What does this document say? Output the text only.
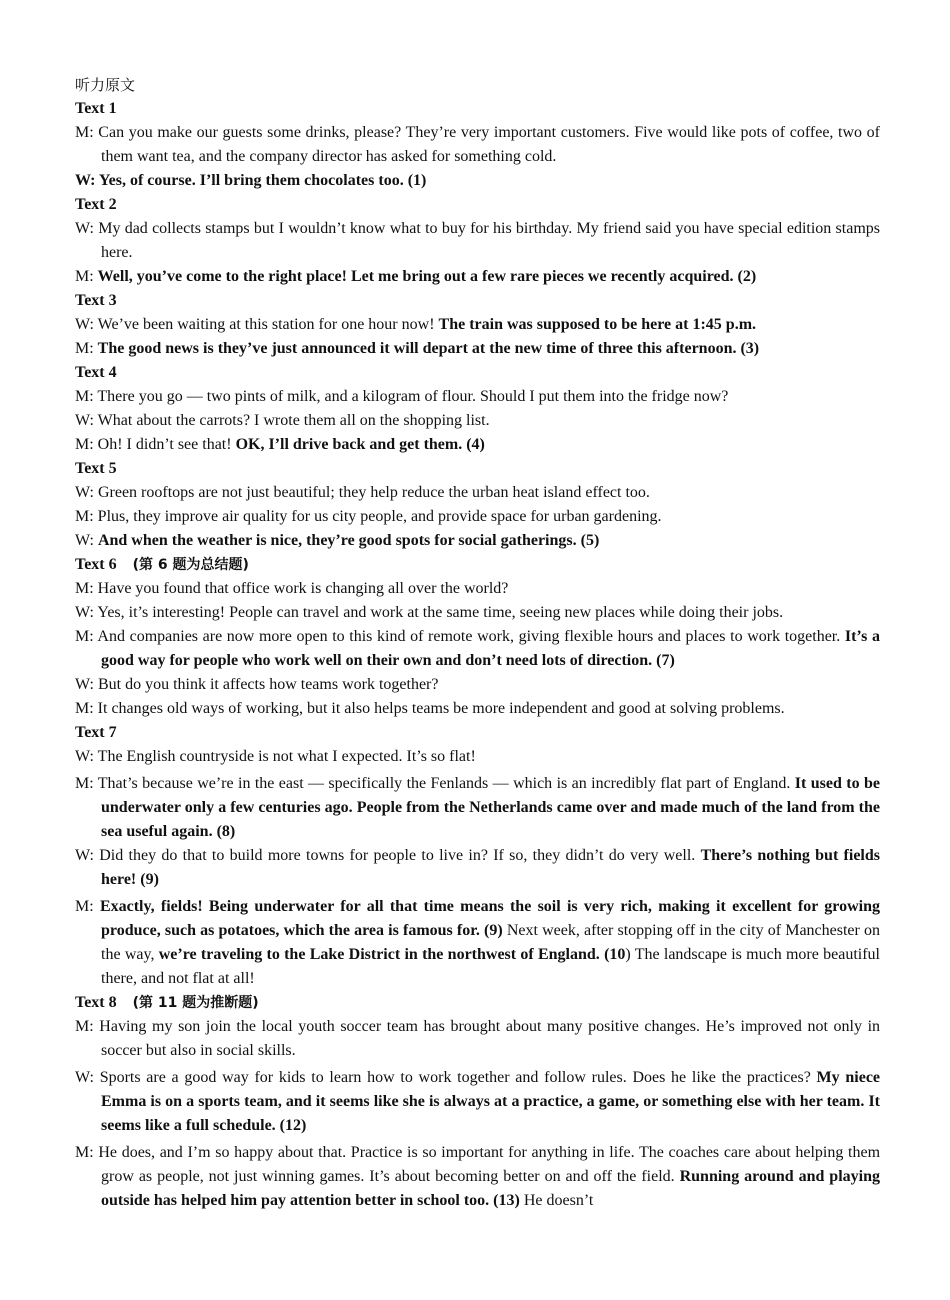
听力原文
Text 1
M: Can you make our guests some drinks, please? They’re very important customers. Five would like pots of coffee, two of them want tea, and the company director has asked for something cold.
W: Yes, of course. I’ll bring them chocolates too. (1)
Text 2
W: My dad collects stamps but I wouldn’t know what to buy for his birthday. My friend said you have special edition stamps here.
M: Well, you’ve come to the right place! Let me bring out a few rare pieces we recently acquired. (2)
Text 3
W: We’ve been waiting at this station for one hour now! The train was supposed to be here at 1:45 p.m.
M: The good news is they’ve just announced it will depart at the new time of three this afternoon. (3)
Text 4
M: There you go — two pints of milk, and a kilogram of flour. Should I put them into the fridge now?
W: What about the carrots? I wrote them all on the shopping list.
M: Oh! I didn’t see that! OK, I’ll drive back and get them. (4)
Text 5
W: Green rooftops are not just beautiful; they help reduce the urban heat island effect too.
M: Plus, they improve air quality for us city people, and provide space for urban gardening.
W: And when the weather is nice, they’re good spots for social gatherings. (5)
Text 6 (第 6 题为总结题)
M: Have you found that office work is changing all over the world?
W: Yes, it’s interesting! People can travel and work at the same time, seeing new places while doing their jobs.
M: And companies are now more open to this kind of remote work, giving flexible hours and places to work together. It’s a good way for people who work well on their own and don’t need lots of direction. (7)
W: But do you think it affects how teams work together?
M: It changes old ways of working, but it also helps teams be more independent and good at solving problems.
Text 7
W: The English countryside is not what I expected. It’s so flat!
M: That’s because we’re in the east — specifically the Fenlands — which is an incredibly flat part of England. It used to be underwater only a few centuries ago. People from the Netherlands came over and made much of the land from the sea useful again. (8)
W: Did they do that to build more towns for people to live in? If so, they didn’t do very well. There’s nothing but fields here! (9)
M: Exactly, fields! Being underwater for all that time means the soil is very rich, making it excellent for growing produce, such as potatoes, which the area is famous for. (9) Next week, after stopping off in the city of Manchester on the way, we’re traveling to the Lake District in the northwest of England. (10) The landscape is much more beautiful there, and not flat at all!
Text 8 (第 11 题为推断题)
M: Having my son join the local youth soccer team has brought about many positive changes. He’s improved not only in soccer but also in social skills.
W: Sports are a good way for kids to learn how to work together and follow rules. Does he like the practices? My niece Emma is on a sports team, and it seems like she is always at a practice, a game, or something else with her team. It seems like a full schedule. (12)
M: He does, and I’m so happy about that. Practice is so important for anything in life. The coaches care about helping them grow as people, not just winning games. It’s about becoming better on and off the field. Running around and playing outside has helped him pay attention better in school too. (13) He doesn’t
